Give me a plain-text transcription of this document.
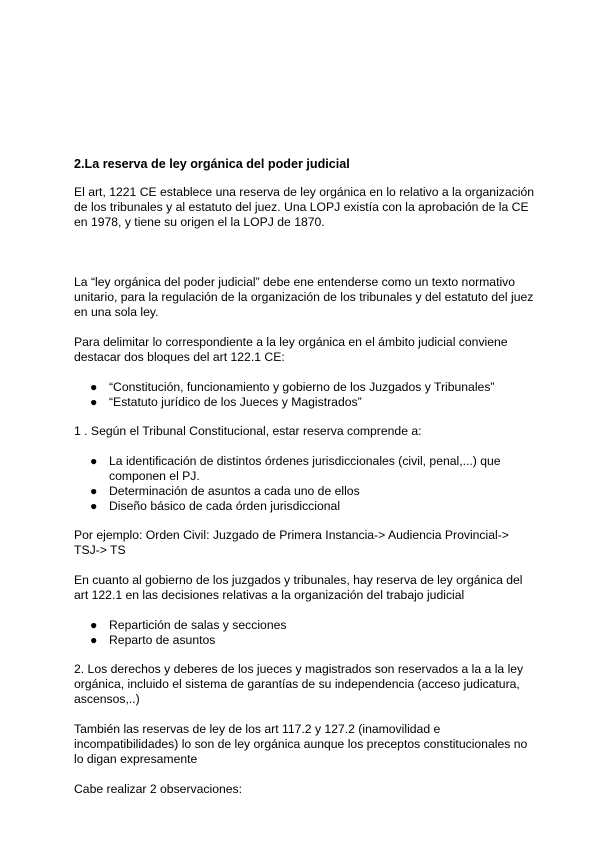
2.La reserva de ley orgánica del poder judicial

El art, 1221 CE establece una reserva de ley orgánica en lo relativo a la organización de los tribunales y al estatuto del juez. Una LOPJ existía con la aprobación de la CE en 1978, y tiene su origen el la LOPJ de 1870.

La “ley orgánica del poder judicial” debe ene entenderse como un texto normativo unitario, para la regulación de la organización de los tribunales y del estatuto del juez en una sola ley.

Para delimitar lo correspondiente a la ley orgánica en el ámbito judicial conviene destacar dos bloques del art 122.1 CE:

● “Constitución, funcionamiento y gobierno de los Juzgados y Tribunales”
● “Estatuto jurídico de los Jueces y Magistrados”

1 . Según el Tribunal Constitucional, estar reserva comprende a:

● La identificación de distintos órdenes jurisdiccionales (civil, penal,...) que componen el PJ.
● Determinación de asuntos a cada uno de ellos
● Diseño básico de cada órden jurisdiccional

Por ejemplo: Orden Civil: Juzgado de Primera Instancia-> Audiencia Provincial-> TSJ-> TS

En cuanto al gobierno de los juzgados y tribunales, hay reserva de ley orgánica del art 122.1 en las decisiones relativas a la organización del trabajo judicial

● Repartición de salas y secciones
● Reparto de asuntos

2. Los derechos y deberes de los jueces y magistrados son reservados a la a la ley orgánica, incluido el sistema de garantías de su independencia (acceso judicatura, ascensos,..)

También las reservas de ley de los art 117.2 y 127.2 (inamovilidad e incompatibilidades) lo son de ley orgánica aunque los preceptos constitucionales no lo digan expresamente

Cabe realizar 2 observaciones:
